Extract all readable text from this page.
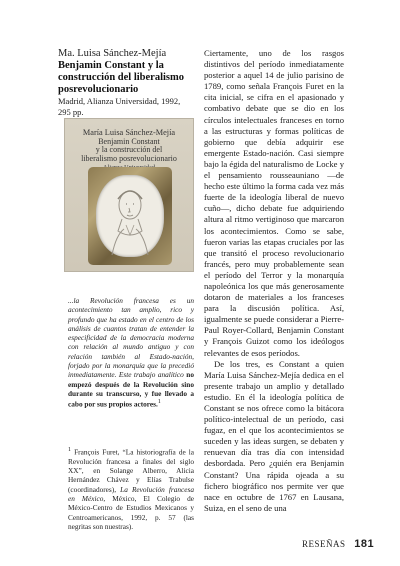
Ma. Luisa Sánchez-Mejía
Benjamin Constant y la construcción del liberalismo posrevolucionario
Madrid, Alianza Universidad, 1992,
295 pp.
María Luisa Sánchez-Mejía
Benjamin Constant
y la construcción del
liberalismo posrevolucionario
...la Revolución francesa es un acontecimiento tan amplio, rico y profundo que ha estado en el centro de los análisis de cuantos tratan de entender la especificidad de la democracia moderna con relación al mundo antiguo y con relación también al Estado-nación, forjado por la monarquía que la precedió inmediatamente. Este trabajo analítico no empezó después de la Revolución sino durante su transcurso, y fue llevado a cabo por sus propios actores.$^1$
$^1$ François Furet, “La historiografía de la Revolución francesa a finales del siglo XX”, en Solange Alberro, Alicia Hernández Chávez y Elías Trabulse (coordinadores), La Revolución francesa en México, México, El Colegio de México-Centro de Estudios Mexicanos y Centroamericanos, 1992, p. 57 (las negritas son nuestras).

Ciertamente, uno de los rasgos distintivos del período inmediatamente posterior a aquel 14 de julio parisino de 1789, como señala François Furet en la cita inicial, se cifra en el apasionado y combativo debate que se dio en los círculos intelectuales franceses en torno a las estructuras y formas políticas de gobierno que debía adquirir ese emergente Estado-nación. Casi siempre bajo la égida del naturalismo de Locke y el pensamiento rousseauniano —de hecho este último la forma cada vez más fuerte de la ideología liberal de nuevo cuño—, dicho debate fue adquiriendo altura al ritmo vertiginoso que marcaron los acontecimientos. Como se sabe, fueron varias las etapas cruciales por las que transitó el proceso revolucionario francés, pero muy probablemente sean el período del Terror y la monarquía napoleónica los que más generosamente dotaron de materiales a los franceses para la discusión política. Así, igualmente se puede considerar a Pierre-Paul Royer-Collard, Benjamin Constant y François Guizot como los ideólogos relevantes de esos períodos.

De los tres, es Constant a quien María Luisa Sánchez-Mejía dedica en el presente trabajo un amplio y detallado estudio. En él la ideología política de Constant se nos ofrece como la bitácora político-intelectual de un período, casi fugaz, en el que los acontecimientos se suceden y las ideas surgen, se debaten y renuevan día tras día con intensidad desbordada. Pero ¿quién era Benjamin Constant? Una rápida ojeada a su fichero biográfico nos permite ver que nace en octubre de 1767 en Lausana, Suiza, en el seno de una

RESEÑAS 181
